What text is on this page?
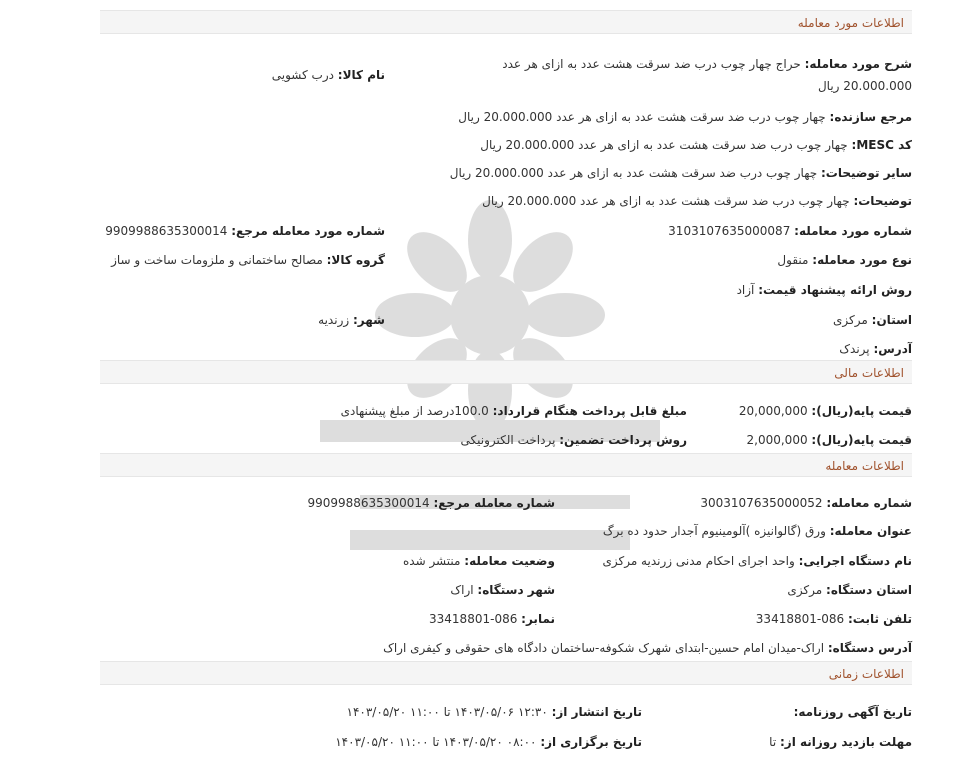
اطلاعات مورد معامله
شرح مورد معامله: حراج چهار چوب درب ضد سرقت هشت عدد به ازای هر عدد 20.000.000 ریال
نام کالا: درب کشویی
مرجع سازنده: چهار چوب درب ضد سرقت هشت عدد به ازای هر عدد 20.000.000 ریال
کد MESC: چهار چوب درب ضد سرقت هشت عدد به ازای هر عدد 20.000.000 ریال
سایر توضیحات: چهار چوب درب ضد سرقت هشت عدد به ازای هر عدد 20.000.000 ریال
توضیحات: چهار چوب درب ضد سرقت هشت عدد به ازای هر عدد 20.000.000 ریال
شماره مورد معامله: 3103107635000087
شماره مورد معامله مرجع: 9909988635300014
نوع مورد معامله: منقول
گروه کالا: مصالح ساختمانی و ملزومات ساخت و ساز
روش ارائه پیشنهاد قیمت: آزاد
استان: مرکزی
شهر: زرندیه
آدرس: پرندک
اطلاعات مالی
قیمت پایه(ریال): 20,000,000
مبلغ قابل پرداخت هنگام قرارداد: 100.0درصد از مبلغ پیشنهادی
قیمت پایه(ریال): 2,000,000
روش پرداخت تضمین: پرداخت الکترونیکی
اطلاعات معامله
شماره معامله: 3003107635000052
شماره معامله مرجع: 9909988635300014
عنوان معامله: ورق (گالوانیزه )آلومینیوم آجدار حدود ده برگ
نام دستگاه اجرایی: واحد اجرای احکام مدنی زرندیه مرکزی
وضعیت معامله: منتشر شده
استان دستگاه: مرکزی
شهر دستگاه: اراک
تلفن ثابت: 086-33418801
نمابر: 086-33418801
آدرس دستگاه: اراک-میدان امام حسین-ابتدای شهرک شکوفه-ساختمان دادگاه های حقوقی و کیفری اراک
اطلاعات زمانی
تاریخ آگهی روزنامه:
تاریخ انتشار از: ۱۲:۳۰ ۱۴۰۳/۰۵/۰۶ تا ۱۱:۰۰ ۱۴۰۳/۰۵/۲۰
مهلت بازدید روزانه از: تا
تاریخ برگزاری از: ۰۸:۰۰ ۱۴۰۳/۰۵/۲۰ تا ۱۱:۰۰ ۱۴۰۳/۰۵/۲۰
